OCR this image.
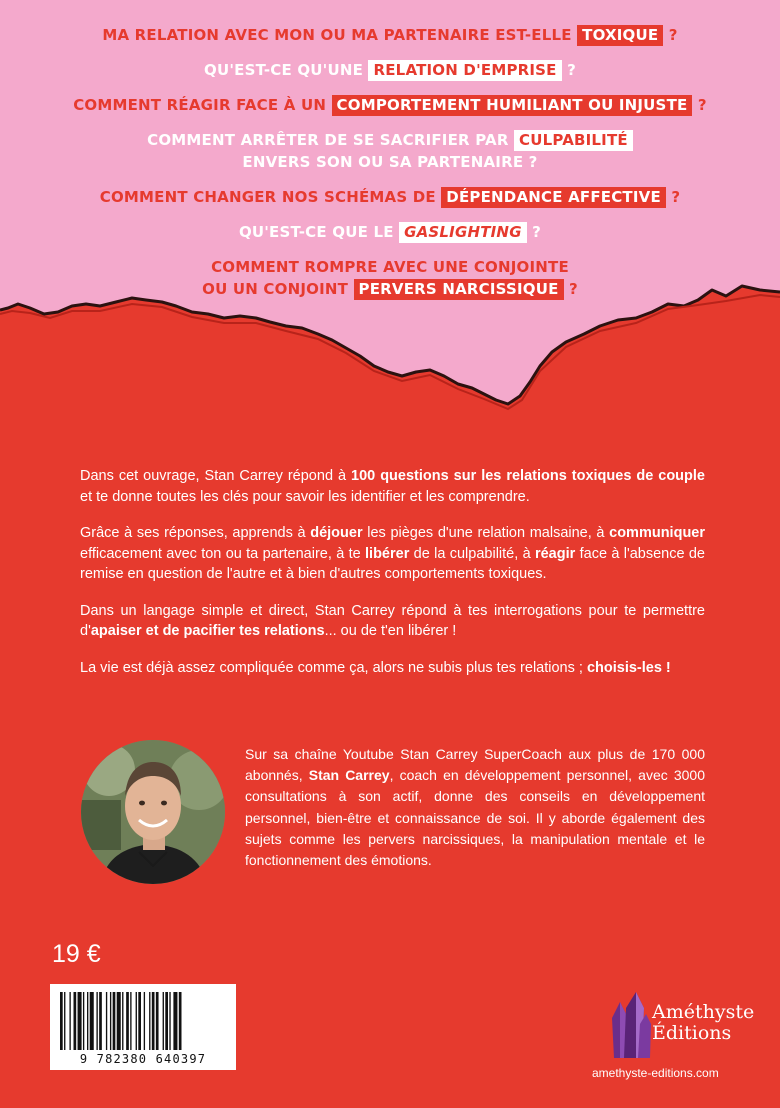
MA RELATION AVEC MON OU MA PARTENAIRE EST-ELLE TOXIQUE ?
QU'EST-CE QU'UNE RELATION D'EMPRISE ?
COMMENT RÉAGIR FACE À UN COMPORTEMENT HUMILIANT OU INJUSTE ?
COMMENT ARRÊTER DE SE SACRIFIER PAR CULPABILITÉ
ENVERS SON OU SA PARTENAIRE ?
COMMENT CHANGER NOS SCHÉMAS DE DÉPENDANCE AFFECTIVE ?
QU'EST-CE QUE LE GASLIGHTING ?
COMMENT ROMPRE AVEC UNE CONJOINTE
OU UN CONJOINT PERVERS NARCISSIQUE ?

Dans cet ouvrage, Stan Carrey répond à 100 questions sur les relations toxiques de couple et te donne toutes les clés pour savoir les identifier et les comprendre.

Grâce à ses réponses, apprends à déjouer les pièges d'une relation malsaine, à communiquer efficacement avec ton ou ta partenaire, à te libérer de la culpabilité, à réagir face à l'absence de remise en question de l'autre et à bien d'autres comportements toxiques.

Dans un langage simple et direct, Stan Carrey répond à tes interrogations pour te permettre d'apaiser et de pacifier tes relations... ou de t'en libérer !

La vie est déjà assez compliquée comme ça, alors ne subis plus tes relations ; choisis-les !

Sur sa chaîne Youtube Stan Carrey SuperCoach aux plus de 170 000 abonnés, Stan Carrey, coach en développement personnel, avec 3000 consultations à son actif, donne des conseils en développement personnel, bien-être et connaissance de soi. Il y aborde également des sujets comme les pervers narcissiques, la manipulation mentale et le fonctionnement des émotions.
19 €
9 782380 640397
Améthyste
Éditions
amethyste-editions.com
